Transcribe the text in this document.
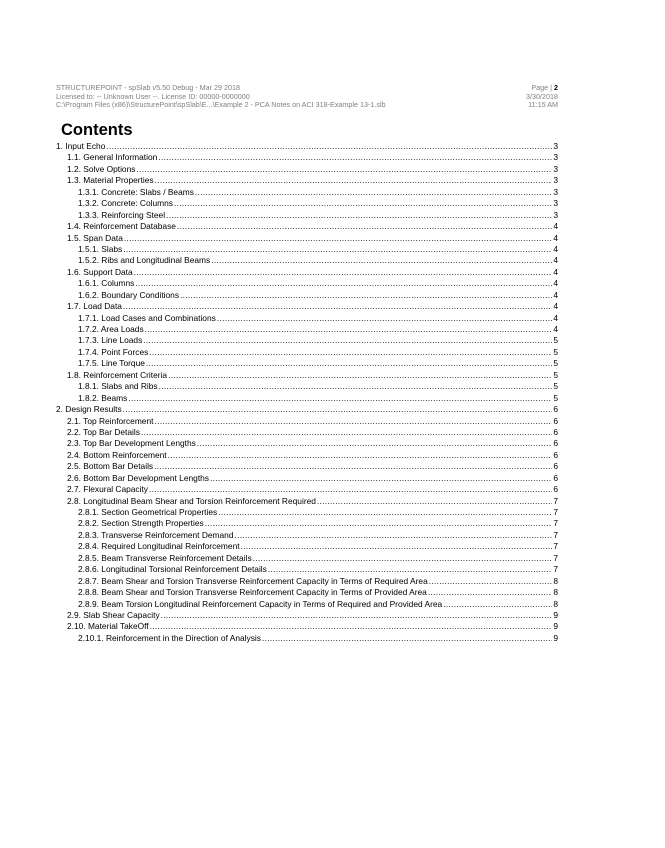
STRUCTUREPOINT - spSlab v5.50 Debug - Mar 29 2018
Licensed to: -- Unknown User --. License ID: 00000-0000000
C:\Program Files (x86)\StructurePoint\spSlab\E...\Example 2 - PCA Notes on ACI 318-Example 13-1.slb
Page | 2
3/30/2018
11:15 AM
Contents
1. Input Echo .....	3
1.1. General Information .....	3
1.2. Solve Options .....	3
1.3. Material Properties .....	3
1.3.1. Concrete: Slabs / Beams .....	3
1.3.2. Concrete: Columns .....	3
1.3.3. Reinforcing Steel .....	3
1.4. Reinforcement Database .....	4
1.5. Span Data .....	4
1.5.1. Slabs .....	4
1.5.2. Ribs and Longitudinal Beams .....	4
1.6. Support Data .....	4
1.6.1. Columns .....	4
1.6.2. Boundary Conditions .....	4
1.7. Load Data .....	4
1.7.1. Load Cases and Combinations .....	4
1.7.2. Area Loads .....	4
1.7.3. Line Loads .....	5
1.7.4. Point Forces .....	5
1.7.5. Line Torque .....	5
1.8. Reinforcement Criteria .....	5
1.8.1. Slabs and Ribs .....	5
1.8.2. Beams .....	5
2. Design Results .....	6
2.1. Top Reinforcement .....	6
2.2. Top Bar Details .....	6
2.3. Top Bar Development Lengths .....	6
2.4. Bottom Reinforcement .....	6
2.5. Bottom Bar Details .....	6
2.6. Bottom Bar Development Lengths .....	6
2.7. Flexural Capacity .....	6
2.8. Longitudinal Beam Shear and Torsion Reinforcement Required .....	7
2.8.1. Section Geometrical Properties .....	7
2.8.2. Section Strength Properties .....	7
2.8.3. Transverse Reinforcement Demand .....	7
2.8.4. Required Longitudinal Reinforcement .....	7
2.8.5. Beam Transverse Reinforcement Details .....	7
2.8.6. Longitudinal Torsional Reinforcement Details .....	7
2.8.7. Beam Shear and Torsion Transverse Reinforcement Capacity in Terms of Required Area .....	8
2.8.8. Beam Shear and Torsion Transverse Reinforcement Capacity in Terms of Provided Area .....	8
2.8.9. Beam Torsion Longitudinal Reinforcement Capacity in Terms of Required and Provided Area .....	8
2.9. Slab Shear Capacity .....	9
2.10. Material TakeOff .....	9
2.10.1. Reinforcement in the Direction of Analysis .....	9
